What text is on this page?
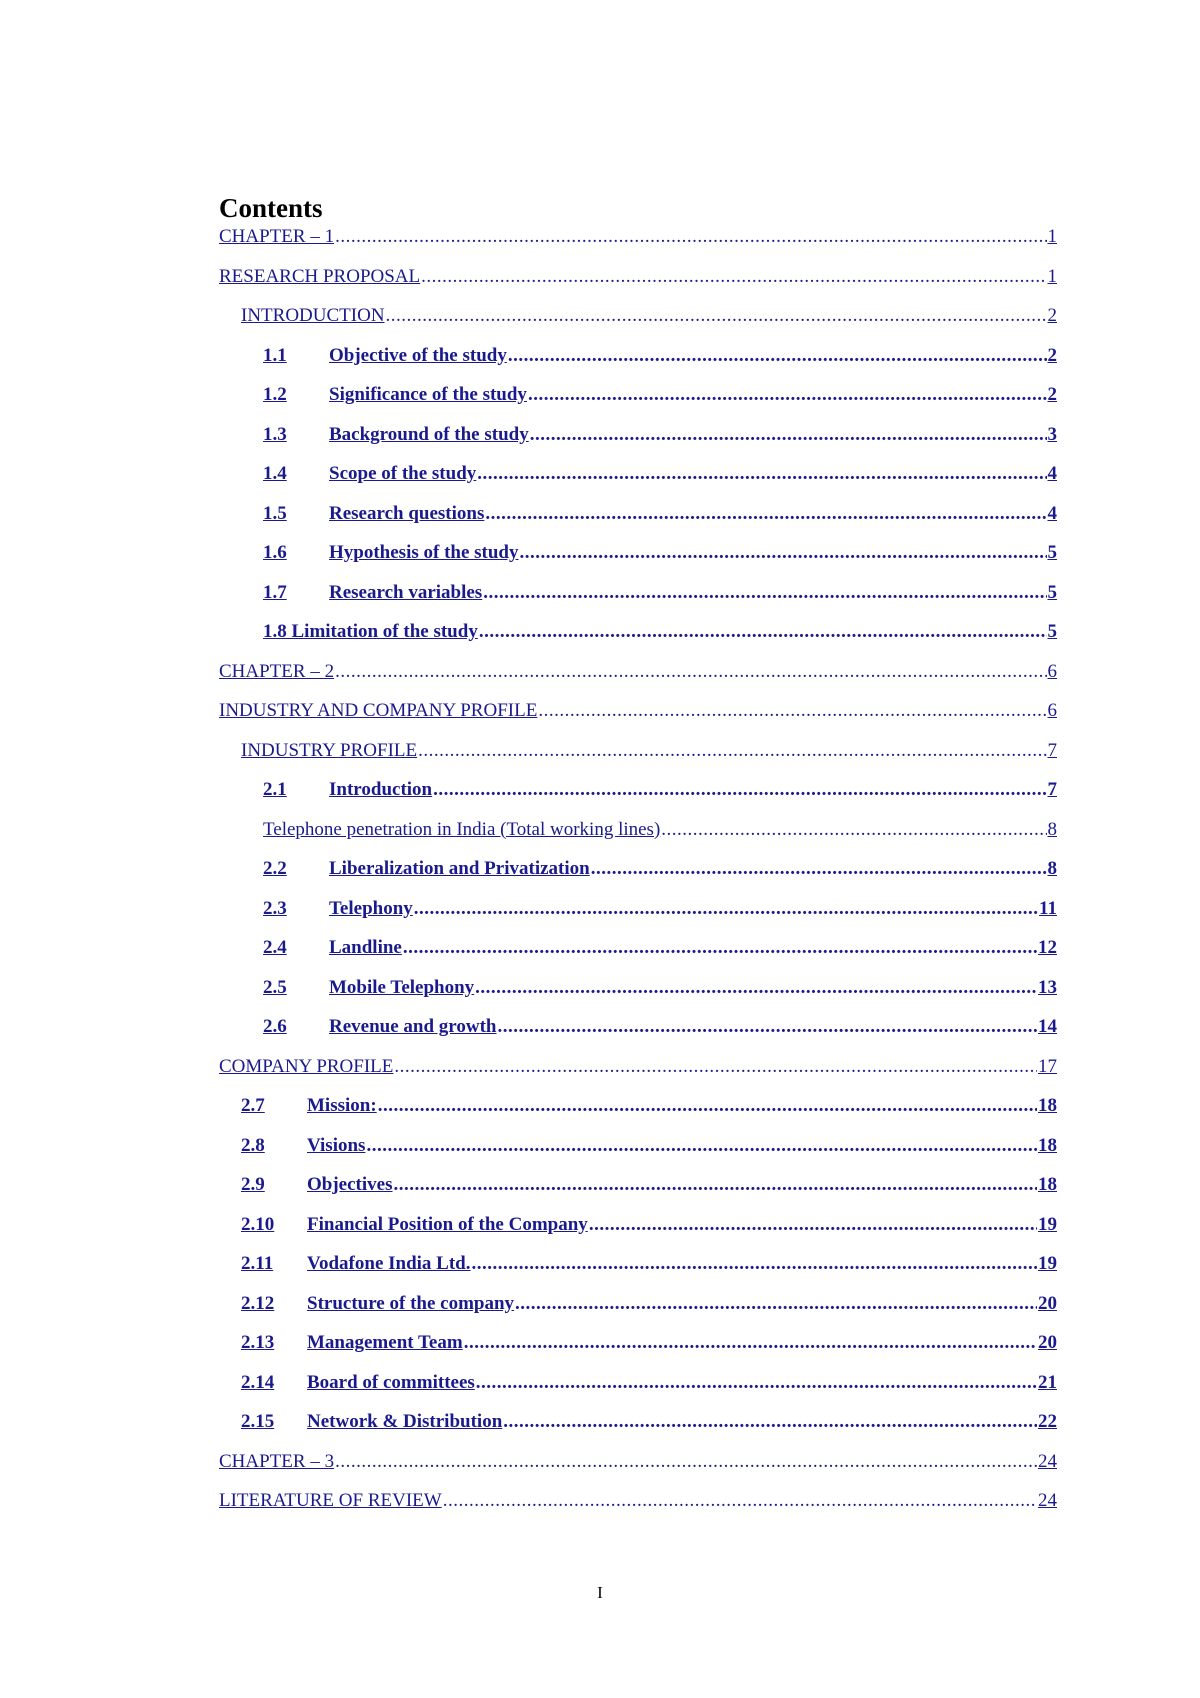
Contents
CHAPTER – 1 .....	1
RESEARCH PROPOSAL .....	1
INTRODUCTION .....	2
1.1	Objective of the study .....	2
1.2	Significance of the study .....	2
1.3	Background of the study .....	3
1.4	Scope of the study .....	4
1.5	Research questions .....	4
1.6	Hypothesis of the study .....	5
1.7	Research variables .....	5
1.8 Limitation of the study .....	5
CHAPTER – 2 .....	6
INDUSTRY AND COMPANY PROFILE .....	6
INDUSTRY PROFILE .....	7
2.1	Introduction .....	7
Telephone penetration in India (Total working lines) .....	8
2.2	Liberalization and Privatization .....	8
2.3	Telephony .....	11
2.4	Landline .....	12
2.5	Mobile Telephony .....	13
2.6	Revenue and growth .....	14
COMPANY PROFILE .....	17
2.7	Mission: .....	18
2.8	Visions .....	18
2.9	Objectives .....	18
2.10	Financial Position of the Company .....	19
2.11	Vodafone India Ltd. .....	19
2.12	Structure of the company .....	20
2.13	Management Team .....	20
2.14	Board of committees .....	21
2.15	Network & Distribution .....	22
CHAPTER – 3 .....	24
LITERATURE OF REVIEW .....	24
I
